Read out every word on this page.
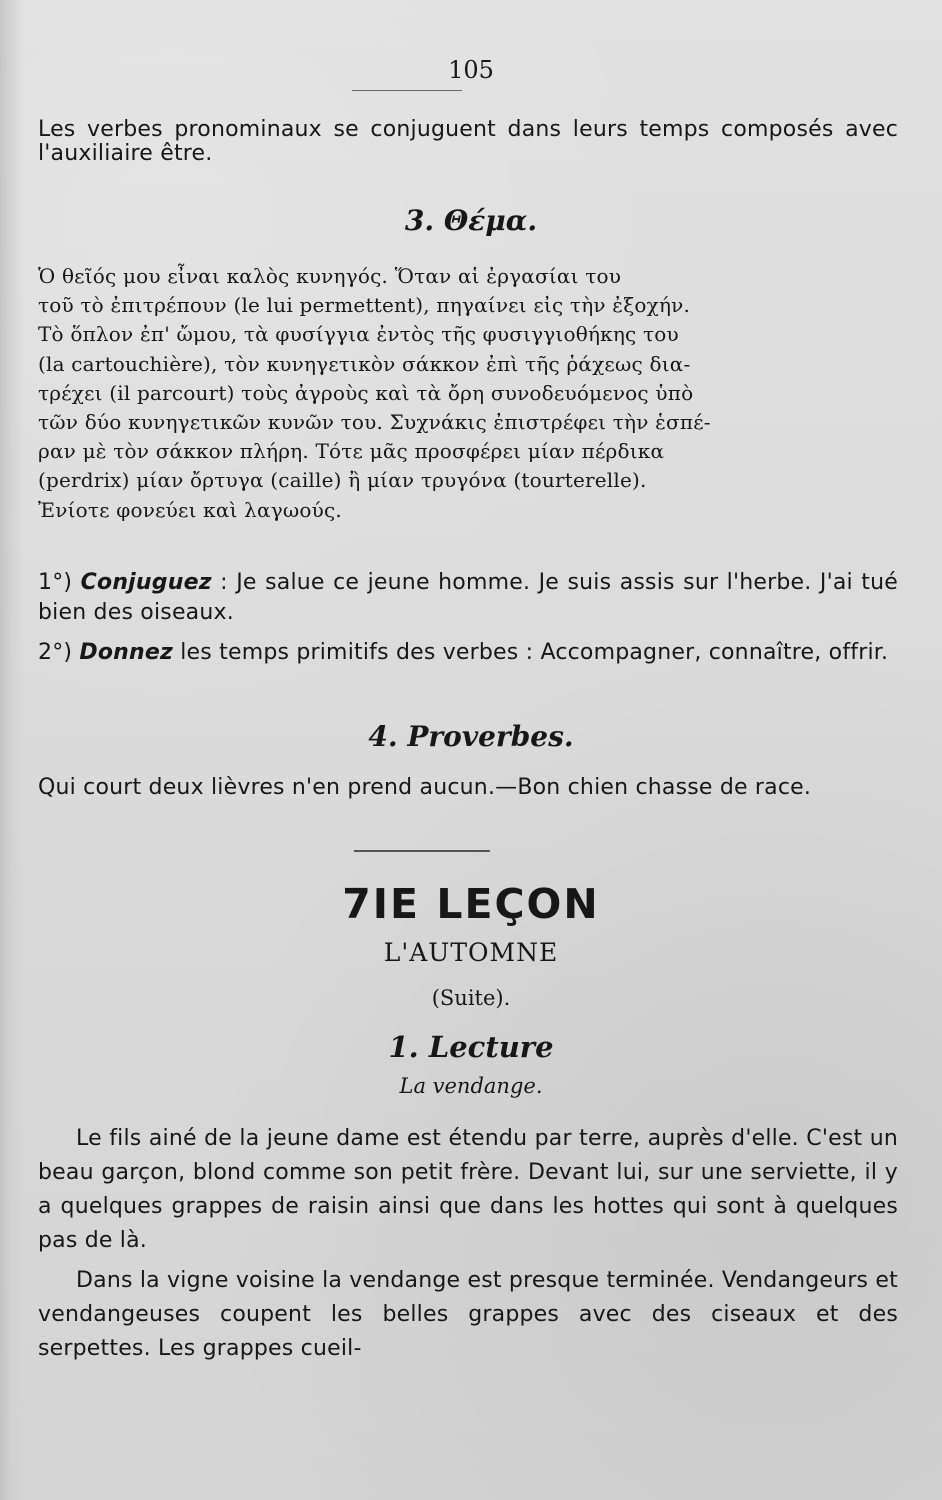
105

Les verbes pronominaux se conjuguent dans leurs temps composés avec l'auxiliaire être.

3. Θέμα.
Ὁ θεῖός μου εἶναι καλὸς κυνηγός. Ὅταν αἱ ἐργασίαι του
τοῦ τὸ ἐπιτρέπουν (le lui permettent), πηγαίνει εἰς τὴν ἐξοχήν.
Τὸ ὅπλον ἐπ' ὤμου, τὰ φυσίγγια ἐντὸς τῆς φυσιγγιοθήκης του
(la cartouchière), τὸν κυνηγετικὸν σάκκον ἐπὶ τῆς ῥάχεως δια-
τρέχει (il parcourt) τοὺς ἀγροὺς καὶ τὰ ὄρη συνοδευόμενος ὑπὸ
τῶν δύο κυνηγετικῶν κυνῶν του. Συχνάκις ἐπιστρέφει τὴν ἑσπέ-
ραν μὲ τὸν σάκκον πλήρη. Τότε μᾶς προσφέρει μίαν πέρδικα
(perdrix) μίαν ὄρτυγα (caille) ἢ μίαν τρυγόνα (tourterelle).
Ἐνίοτε φονεύει καὶ λαγωούς.
1°) Conjuguez : Je salue ce jeune homme. Je suis assis sur l'herbe. J'ai tué bien des oiseaux.
2°) Donnez les temps primitifs des verbes : Accompagner, connaître, offrir.
4. Proverbes.

Qui court deux lièvres n'en prend aucun.—Bon chien chasse de race.

7IE LEÇON
L'AUTOMNE
(Suite).
1. Lecture
La vendange.

Le fils ainé de la jeune dame est étendu par terre, auprès d'elle. C'est un beau garçon, blond comme son petit frère. Devant lui, sur une serviette, il y a quelques grappes de raisin ainsi que dans les hottes qui sont à quelques pas de là.

Dans la vigne voisine la vendange est presque terminée. Vendangeurs et vendangeuses coupent les belles grappes avec des ciseaux et des serpettes. Les grappes cueil-
